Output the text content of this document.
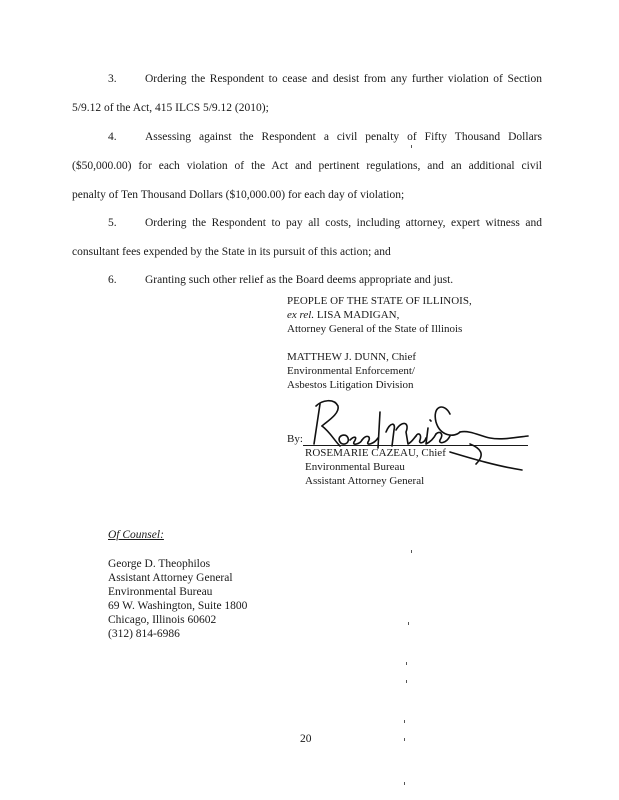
3. Ordering the Respondent to cease and desist from any further violation of Section
5/9.12 of the Act, 415 ILCS 5/9.12 (2010);
4. Assessing against the Respondent a civil penalty of Fifty Thousand Dollars
($50,000.00) for each violation of the Act and pertinent regulations, and an additional civil
penalty of Ten Thousand Dollars ($10,000.00) for each day of violation;
5. Ordering the Respondent to pay all costs, including attorney, expert witness and
consultant fees expended by the State in its pursuit of this action; and
6. Granting such other relief as the Board deems appropriate and just.
PEOPLE OF THE STATE OF ILLINOIS,
ex rel. LISA MADIGAN,
Attorney General of the State of Illinois
MATTHEW J. DUNN, Chief
Environmental Enforcement/
Asbestos Litigation Division
By:
ROSEMARIE CAZEAU, Chief
Environmental Bureau
Assistant Attorney General
Of Counsel:
George D. Theophilos
Assistant Attorney General
Environmental Bureau
69 W. Washington, Suite 1800
Chicago, Illinois 60602
(312) 814-6986
20
